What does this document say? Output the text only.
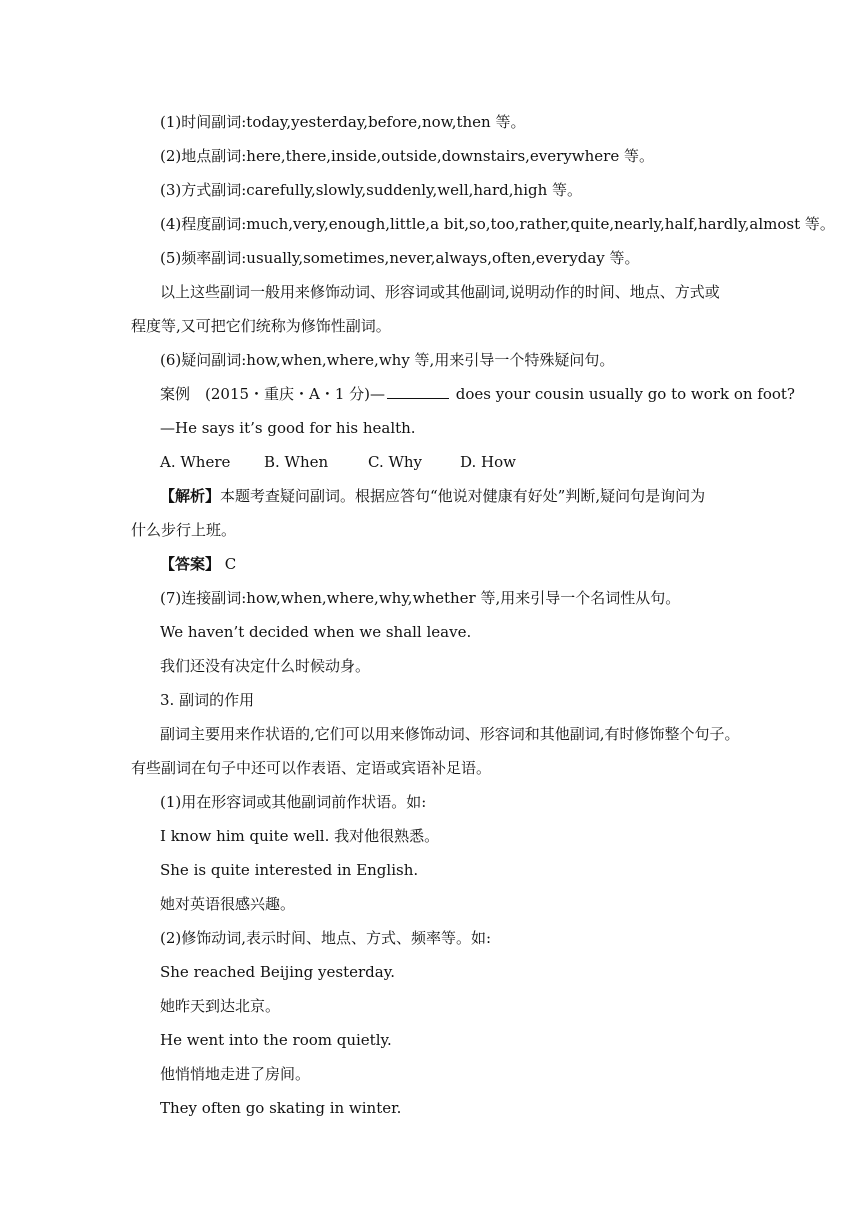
(1)时间副词:today,yesterday,before,now,then 等。
(2)地点副词:here,there,inside,outside,downstairs,everywhere 等。
(3)方式副词:carefully,slowly,suddenly,well,hard,high 等。
(4)程度副词:much,very,enough,little,a bit,so,too,rather,quite,nearly,half,hardly,almost 等。
(5)频率副词:usually,sometimes,never,always,often,everyday 等。
以上这些副词一般用来修饰动词、形容词或其他副词,说明动作的时间、地点、方式或
程度等,又可把它们统称为修饰性副词。
(6)疑问副词:how,when,where,why 等,用来引导一个特殊疑问句。
案例　(2015・重庆・A・1 分)—	does your cousin usually go to work on foot?
—He says it’s good for his health.
A. Where B. When	C. Why	D. How
【解析】本题考查疑问副词。根据应答句“他说对健康有好处”判断,疑问句是询问为
什么步行上班。
【答案】 C
(7)连接副词:how,when,where,why,whether 等,用来引导一个名词性从句。
We haven’t decided when we shall leave.
我们还没有决定什么时候动身。
3. 副词的作用
副词主要用来作状语的,它们可以用来修饰动词、形容词和其他副词,有时修饰整个句子。
有些副词在句子中还可以作表语、定语或宾语补足语。
(1)用在形容词或其他副词前作状语。如:
I know him quite well. 我对他很熟悉。
She is quite interested in English.
她对英语很感兴趣。
(2)修饰动词,表示时间、地点、方式、频率等。如:
She reached Beijing yesterday.
她昨天到达北京。
He went into the room quietly.
他悄悄地走进了房间。
They often go skating in winter.
